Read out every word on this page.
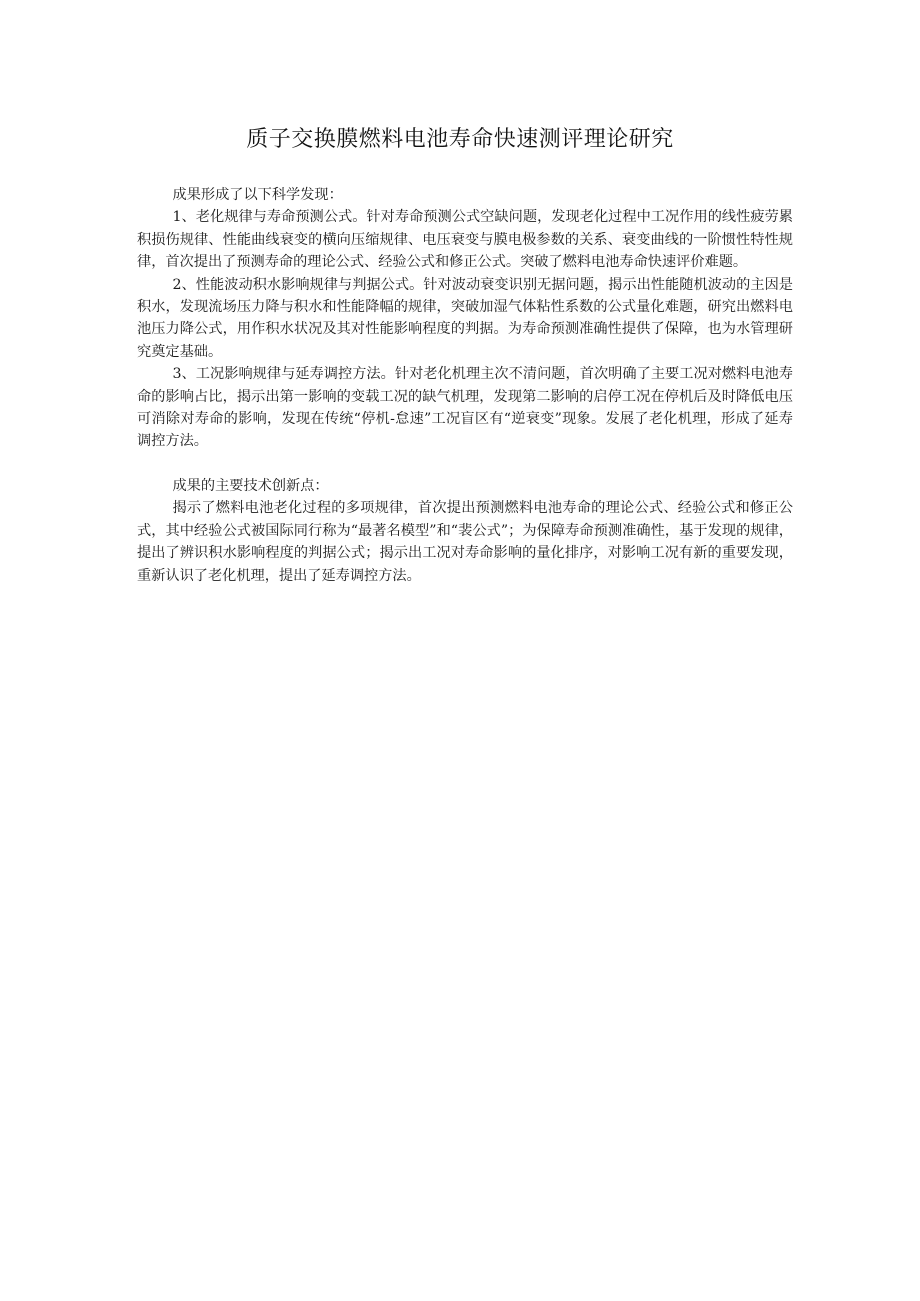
质子交换膜燃料电池寿命快速测评理论研究

成果形成了以下科学发现：

1、老化规律与寿命预测公式。针对寿命预测公式空缺问题，发现老化过程中工况作用的线性疲劳累积损伤规律、性能曲线衰变的横向压缩规律、电压衰变与膜电极参数的关系、衰变曲线的一阶惯性特性规律，首次提出了预测寿命的理论公式、经验公式和修正公式。突破了燃料电池寿命快速评价难题。

2、性能波动积水影响规律与判据公式。针对波动衰变识别无据问题，揭示出性能随机波动的主因是积水，发现流场压力降与积水和性能降幅的规律，突破加湿气体粘性系数的公式量化难题，研究出燃料电池压力降公式，用作积水状况及其对性能影响程度的判据。为寿命预测准确性提供了保障，也为水管理研究奠定基础。

3、工况影响规律与延寿调控方法。针对老化机理主次不清问题，首次明确了主要工况对燃料电池寿命的影响占比，揭示出第一影响的变载工况的缺气机理，发现第二影响的启停工况在停机后及时降低电压可消除对寿命的影响，发现在传统“停机-怠速”工况盲区有“逆衰变”现象。发展了老化机理，形成了延寿调控方法。

成果的主要技术创新点：

揭示了燃料电池老化过程的多项规律，首次提出预测燃料电池寿命的理论公式、经验公式和修正公式，其中经验公式被国际同行称为“最著名模型”和“裴公式”；为保障寿命预测准确性，基于发现的规律，提出了辨识积水影响程度的判据公式；揭示出工况对寿命影响的量化排序，对影响工况有新的重要发现，重新认识了老化机理，提出了延寿调控方法。
